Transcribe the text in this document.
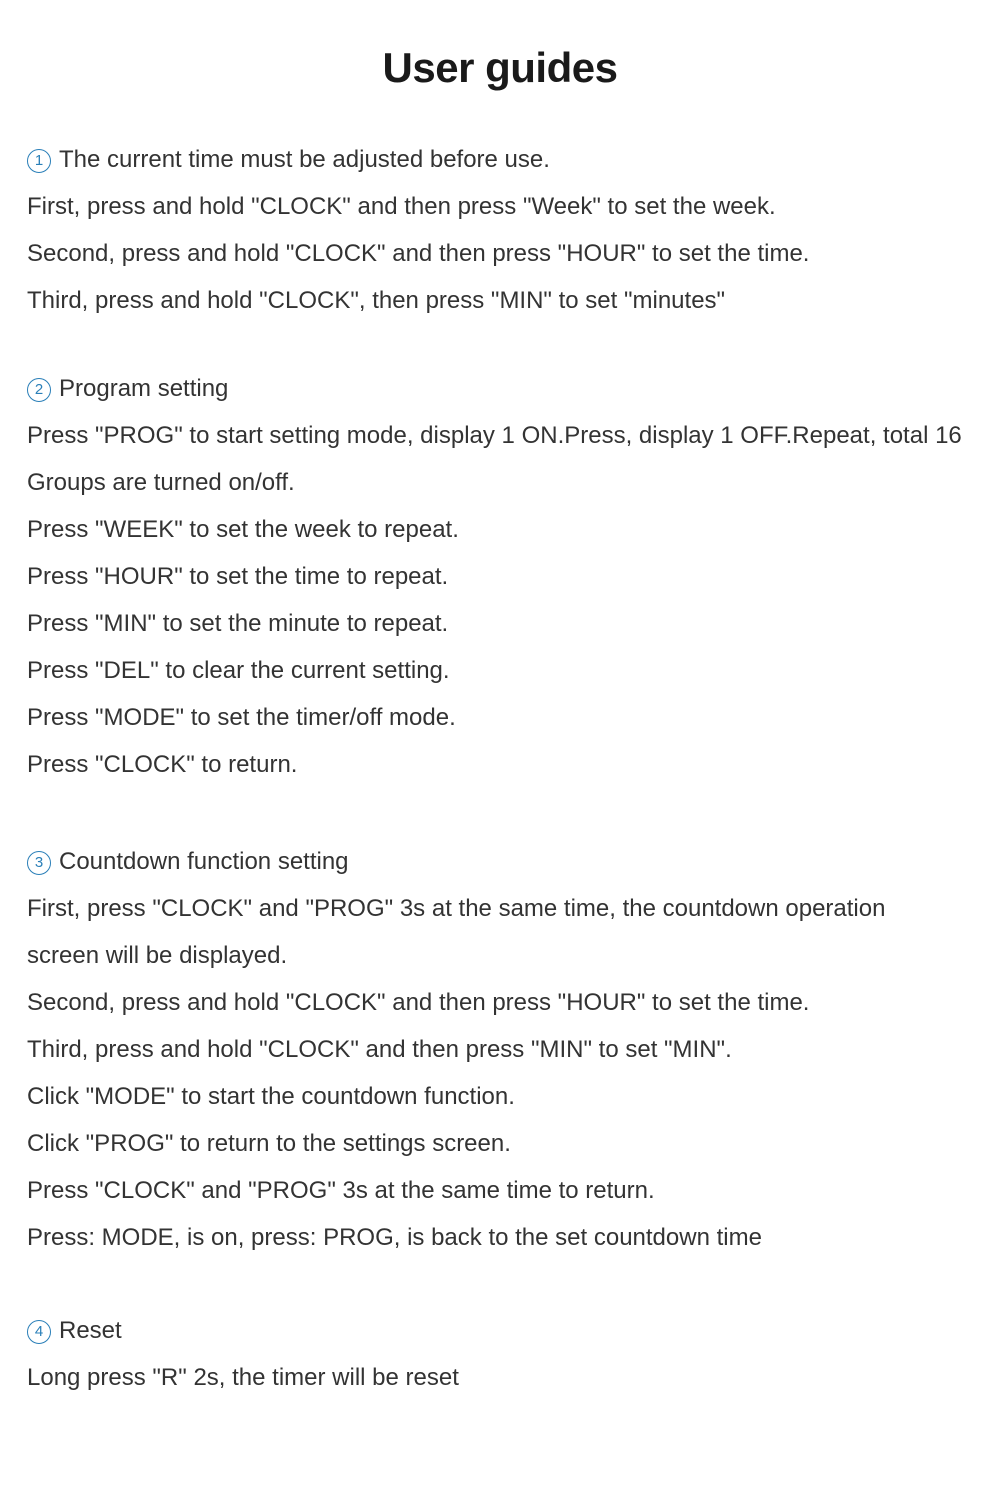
User guides
1 The current time must be adjusted before use.
First, press and hold "CLOCK" and then press "Week" to set the week.
Second, press and hold "CLOCK" and then press "HOUR" to set the time.
Third, press and hold "CLOCK", then press "MIN" to set "minutes"
2 Program setting
Press "PROG" to start setting mode, display 1 ON.Press, display 1 OFF.Repeat, total 16
Groups are turned on/off.
Press "WEEK" to set the week to repeat.
Press "HOUR" to set the time to repeat.
Press "MIN" to set the minute to repeat.
Press "DEL" to clear the current setting.
Press "MODE" to set the timer/off mode.
Press "CLOCK" to return.
3 Countdown function setting
First, press "CLOCK" and "PROG" 3s at the same time, the countdown operation
screen will be displayed.
Second, press and hold "CLOCK" and then press "HOUR" to set the time.
Third, press and hold "CLOCK" and then press "MIN" to set "MIN".
Click "MODE" to start the countdown function.
Click "PROG" to return to the settings screen.
Press "CLOCK" and "PROG" 3s at the same time to return.
Press: MODE, is on, press: PROG, is back to the set countdown time
4 Reset
Long press "R" 2s, the timer will be reset
